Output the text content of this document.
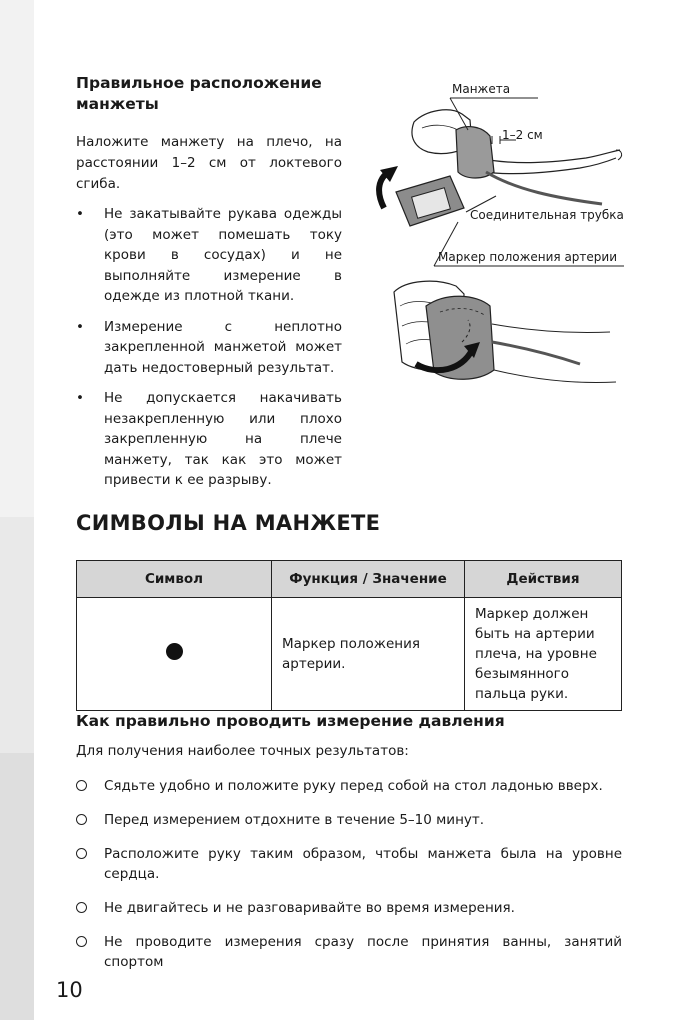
Правильное расположение
манжеты
Наложите манжету на плечо, на расстоянии 1–2 см от локтевого сгиба.
• Не закатывайте рукава одежды (это может помешать току крови в сосудах) и не выполняйте измерение в одежде из плотной ткани.
• Измерение с неплотно закрепленной манжетой может дать недостоверный результат.
• Не допускается накачивать незакрепленную или плохо закрепленную на плече манжету, так как это может привести к ее разрыву.
Манжета
1–2 см
Соединительная трубка
Маркер положения артерии
СИМВОЛЫ НА МАНЖЕТЕ
Символ	Функция / Значение	Действия
	Маркер положения артерии.	Маркер должен быть на артерии плеча, на уровне безымянного пальца руки.
Как правильно проводить измерение давления
Для получения наиболее точных результатов:
Сядьте удобно и положите руку перед собой на стол ладонью вверх.
Перед измерением отдохните в течение 5–10 минут.
Расположите руку таким образом, чтобы манжета была на уровне сердца.
Не двигайтесь и не разговаривайте во время измерения.
Не проводите измерения сразу после принятия ванны, занятий спортом
10
